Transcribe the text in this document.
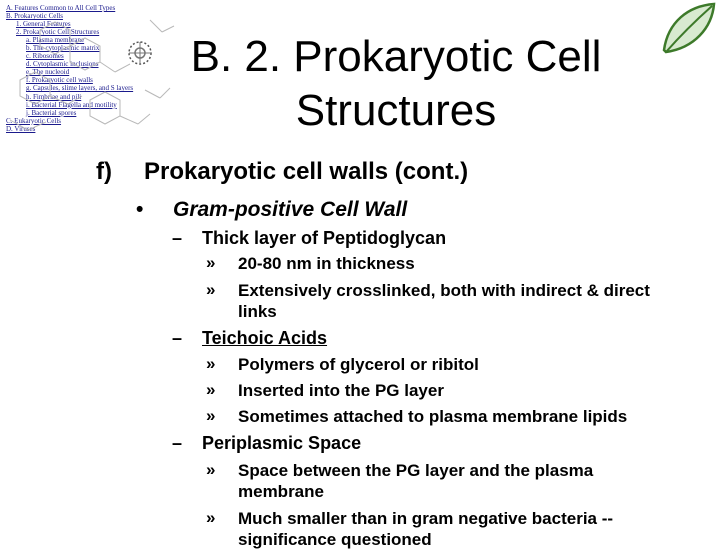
A. Features Common to All Cell Types
B. Prokaryotic Cells
1. General Features
2. Prokaryotic Cell Structures
a. Plasma membrane
b. The cytoplasmic matrix
c. Ribosomes
d. Cytoplasmic inclusions
e. The nucleoid
f. Prokaryotic cell walls
g. Capsules, slime layers, and S layers
h. Fimbriae and pili
i. Bacterial Flagella and motility
j. Bacterial spores
C. Eukaryotic Cells
D. Viruses
B. 2. Prokaryotic Cell
Structures
f) Prokaryotic cell walls (cont.)
• Gram-positive Cell Wall
– Thick layer of Peptidoglycan
» 20-80 nm in thickness
» Extensively crosslinked, both with indirect & direct links
– Teichoic Acids
» Polymers of glycerol or ribitol
» Inserted into the PG layer
» Sometimes attached to plasma membrane lipids
– Periplasmic Space
» Space between the PG layer and the plasma membrane
» Much smaller than in gram negative bacteria -- significance questioned
